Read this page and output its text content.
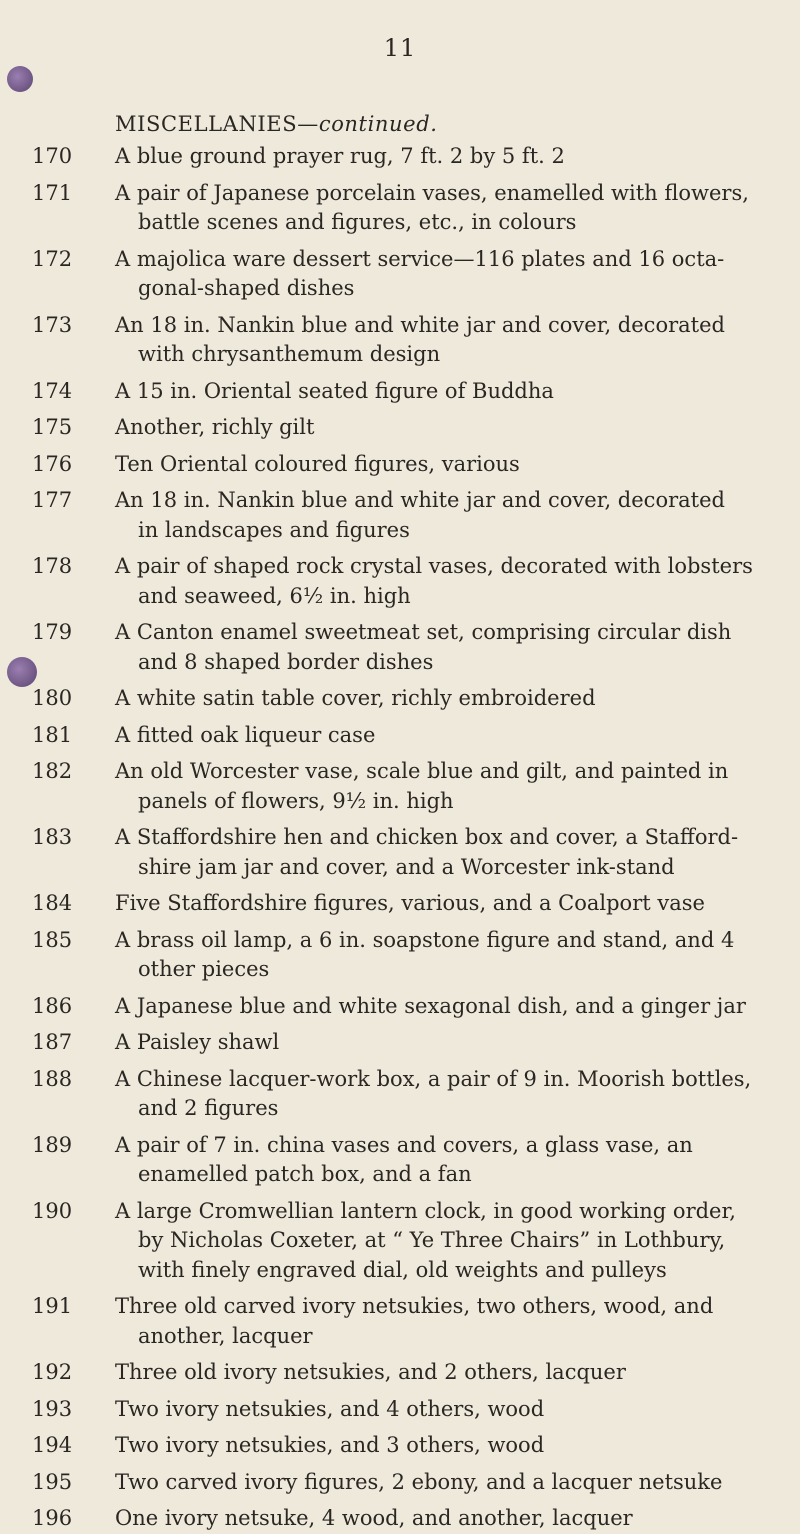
11
MISCELLANIES—continued.
170	A blue ground prayer rug, 7 ft. 2 by 5 ft. 2
171	A pair of Japanese porcelain vases, enamelled with flowers,
battle scenes and figures, etc., in colours
172	A majolica ware dessert service—116 plates and 16 octa-
gonal-shaped dishes
173	An 18 in. Nankin blue and white jar and cover, decorated
with chrysanthemum design
174	A 15 in. Oriental seated figure of Buddha
175	Another, richly gilt
176	Ten Oriental coloured figures, various
177	An 18 in. Nankin blue and white jar and cover, decorated
in landscapes and figures
178	A pair of shaped rock crystal vases, decorated with lobsters
and seaweed, 6½ in. high
179	A Canton enamel sweetmeat set, comprising circular dish
and 8 shaped border dishes
180	A white satin table cover, richly embroidered
181	A fitted oak liqueur case
182	An old Worcester vase, scale blue and gilt, and painted in
panels of flowers, 9½ in. high
183	A Staffordshire hen and chicken box and cover, a Stafford-
shire jam jar and cover, and a Worcester ink-stand
184	Five Staffordshire figures, various, and a Coalport vase
185	A brass oil lamp, a 6 in. soapstone figure and stand, and 4
other pieces
186	A Japanese blue and white sexagonal dish, and a ginger jar
187	A Paisley shawl
188	A Chinese lacquer-work box, a pair of 9 in. Moorish bottles,
and 2 figures
189	A pair of 7 in. china vases and covers, a glass vase, an
enamelled patch box, and a fan
190	A large Cromwellian lantern clock, in good working order,
by Nicholas Coxeter, at “ Ye Three Chairs” in Lothbury,
with finely engraved dial, old weights and pulleys
191	Three old carved ivory netsukies, two others, wood, and
another, lacquer
192	Three old ivory netsukies, and 2 others, lacquer
193	Two ivory netsukies, and 4 others, wood
194	Two ivory netsukies, and 3 others, wood
195	Two carved ivory figures, 2 ebony, and a lacquer netsuke
196	One ivory netsuke, 4 wood, and another, lacquer
